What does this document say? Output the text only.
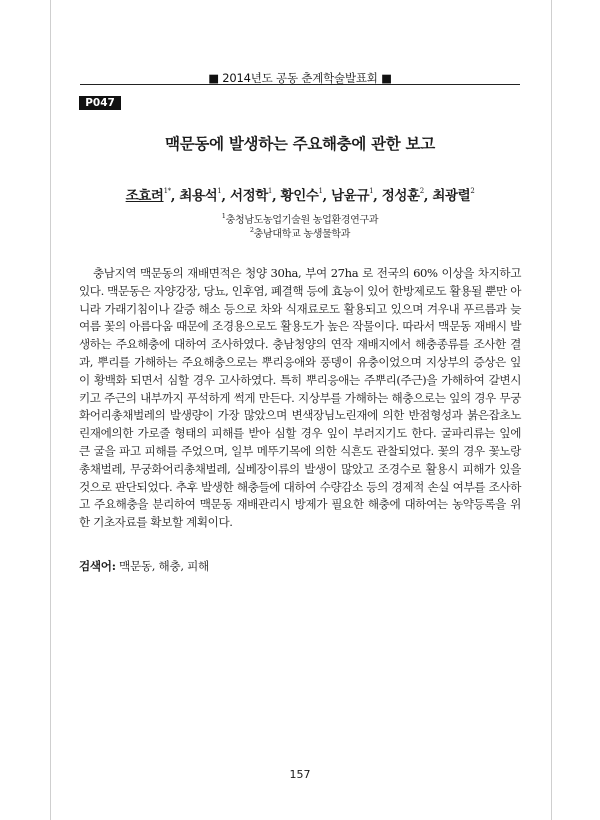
■ 2014년도 공동 춘계학술발표회 ■
P047
맥문동에 발생하는 주요해충에 관한 보고
조효려$^{1*}$, 최용석$^1$, 서정학$^1$, 황인수$^1$, 남윤규$^1$, 정성훈$^2$, 최광렬$^2$
$^1$충청남도농업기술원 농업환경연구과
$^2$충남대학교 농생물학과

충남지역 맥문동의 재배면적은 청양 30ha, 부여 27ha 로 전국의 60% 이상을 차지하고 있다. 맥문동은 자양강장, 당뇨, 인후염, 폐결핵 등에 효능이 있어 한방제로도 활용될 뿐만 아니라 가래기침이나 갈증 해소 등으로 차와 식재료로도 활용되고 있으며 겨우내 푸르름과 늦여름 꽃의 아름다움 때문에 조경용으로도 활용도가 높은 작물이다. 따라서 맥문동 재배시 발생하는 주요해충에 대하여 조사하였다. 충남청양의 연작 재배지에서 해충종류를 조사한 결과, 뿌리를 가해하는 주요해충으로는 뿌리응애와 풍뎅이 유충이었으며 지상부의 증상은 잎이 황백화 되면서 심할 경우 고사하였다. 특히 뿌리응애는 주뿌리(주근)을 가해하여 갈변시키고 주근의 내부까지 푸석하게 썩게 만든다. 지상부를 가해하는 해충으로는 잎의 경우 무궁화어리총채벌레의 발생량이 가장 많았으며 변색장님노린재에 의한 반점형성과 붉은잡초노린재에의한 가로줄 형태의 피해를 받아 심할 경우 잎이 부러지기도 한다. 굴파리류는 잎에 큰 굴을 파고 피해를 주었으며, 일부 메뚜기목에 의한 식흔도 관찰되었다. 꽃의 경우 꽃노랑총채벌레, 무궁화어리총채벌레, 실베장이류의 발생이 많았고 조경수로 활용시 피해가 있을 것으로 판단되었다. 추후 발생한 해충들에 대하여 수량감소 등의 경제적 손실 여부를 조사하고 주요해충을 분리하여 맥문동 재배관리시 방제가 필요한 해충에 대하여는 농약등록을 위한 기초자료를 확보할 계획이다.

검색어: 맥문동, 해충, 피해
157
